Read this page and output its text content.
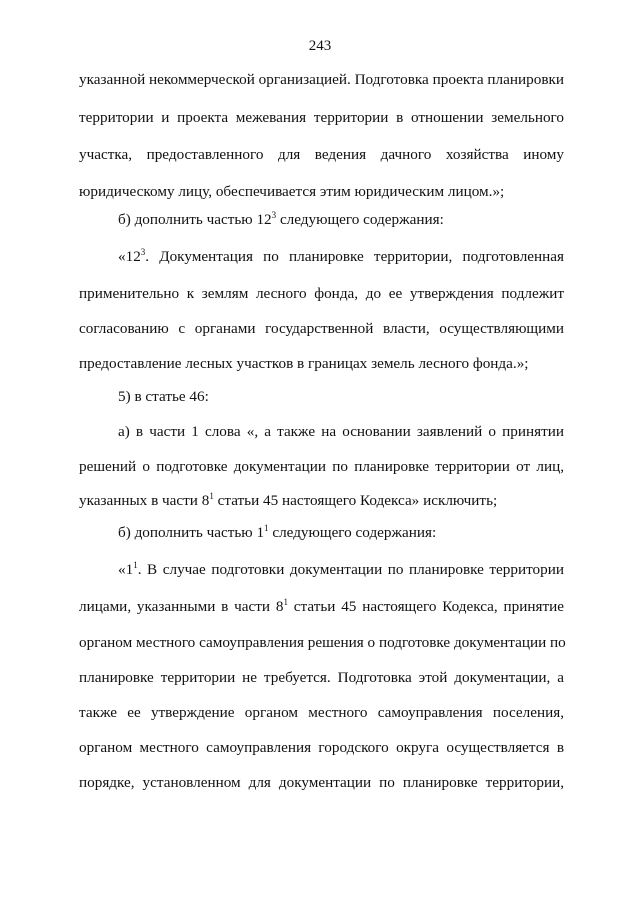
243
указанной некоммерческой организацией. Подготовка проекта планировки
территории и проекта межевания территории в отношении земельного
участка, предоставленного для ведения дачного хозяйства иному
юридическому лицу, обеспечивается этим юридическим лицом.»;
б) дополнить частью $12^3$ следующего содержания:
«$12^3$. Документация по планировке территории, подготовленная
применительно к землям лесного фонда, до ее утверждения подлежит
согласованию с органами государственной власти, осуществляющими
предоставление лесных участков в границах земель лесного фонда.»;
5) в статье 46:
а) в части 1 слова «, а также на основании заявлений о принятии
решений о подготовке документации по планировке территории от лиц,
указанных в части $8^1$ статьи 45 настоящего Кодекса» исключить;
б) дополнить частью $1^1$ следующего содержания:
«$1^1$. В случае подготовки документации по планировке территории
лицами, указанными в части $8^1$ статьи 45 настоящего Кодекса, принятие
органом местного самоуправления решения о подготовке документации по
планировке территории не требуется. Подготовка этой документации, а
также ее утверждение органом местного самоуправления поселения,
органом местного самоуправления городского округа осуществляется в
порядке, установленном для документации по планировке территории,
